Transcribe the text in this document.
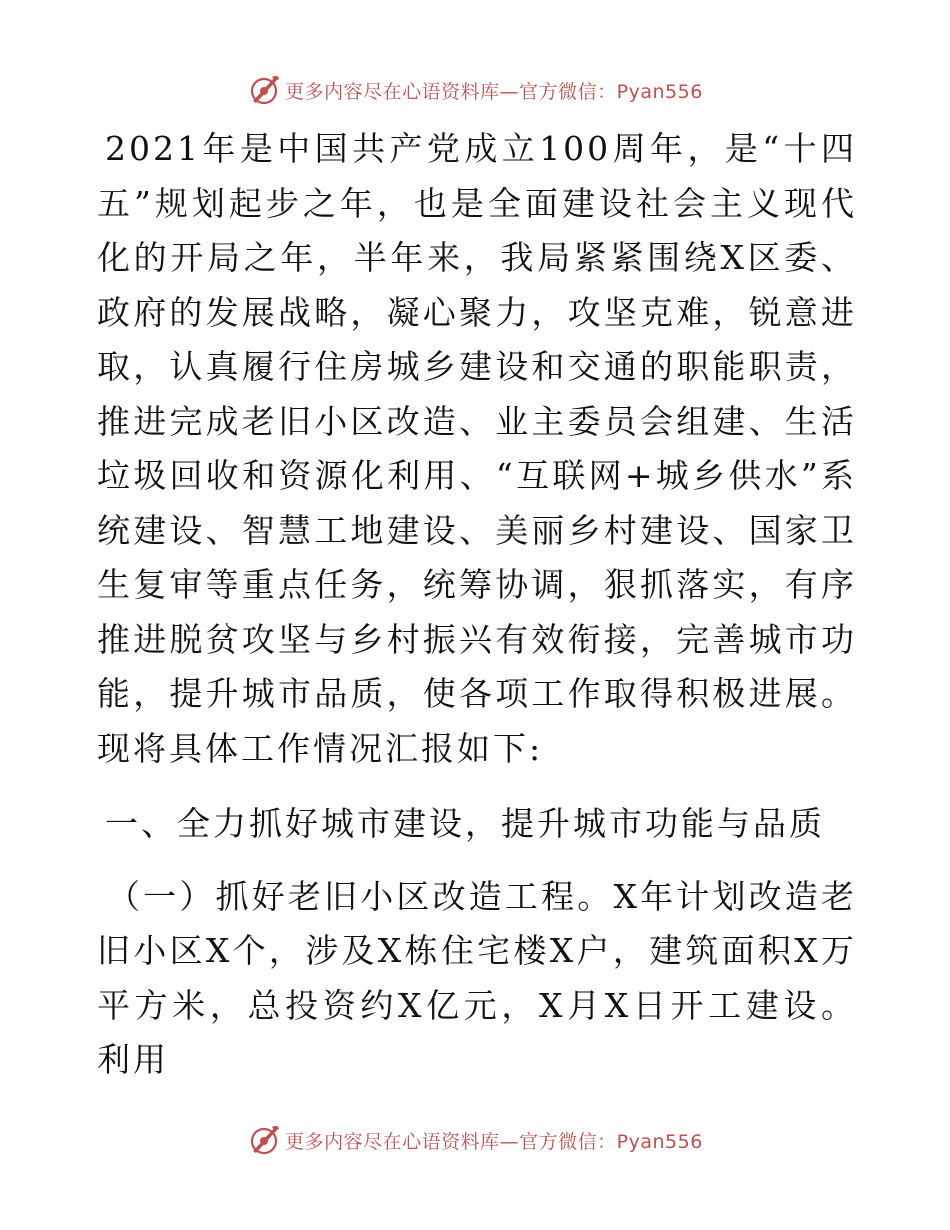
更多内容尽在心语资料库—官方微信：Pyan556

2021年是中国共产党成立100周年，是“十四五”规划起步之年，也是全面建设社会主义现代化的开局之年，半年来，我局紧紧围绕X区委、政府的发展战略，凝心聚力，攻坚克难，锐意进取，认真履行住房城乡建设和交通的职能职责，推进完成老旧小区改造、业主委员会组建、生活垃圾回收和资源化利用、“互联网+城乡供水”系统建设、智慧工地建设、美丽乡村建设、国家卫生复审等重点任务，统筹协调，狠抓落实，有序推进脱贫攻坚与乡村振兴有效衔接，完善城市功能，提升城市品质，使各项工作取得积极进展。现将具体工作情况汇报如下:

一、全力抓好城市建设，提升城市功能与品质

（一）抓好老旧小区改造工程。X年计划改造老旧小区X个，涉及X栋住宅楼X户，建筑面积X万平方米，总投资约X亿元，X月X日开工建设。利用

更多内容尽在心语资料库—官方微信：Pyan556
